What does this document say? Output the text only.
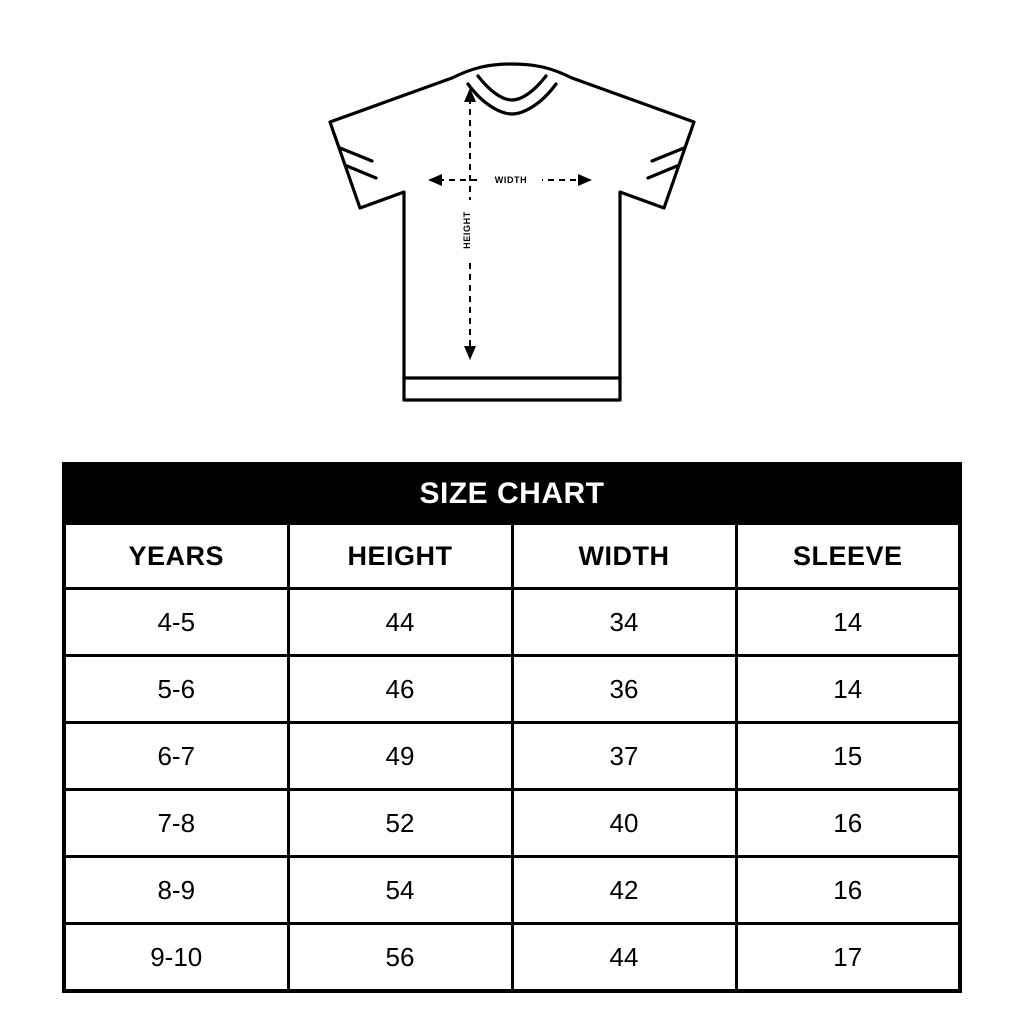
WIDTH
HEIGHT
SIZE CHART			
YEARS	HEIGHT	WIDTH	SLEEVE
4-5	44	34	14
5-6	46	36	14
6-7	49	37	15
7-8	52	40	16
8-9	54	42	16
9-10	56	44	17
